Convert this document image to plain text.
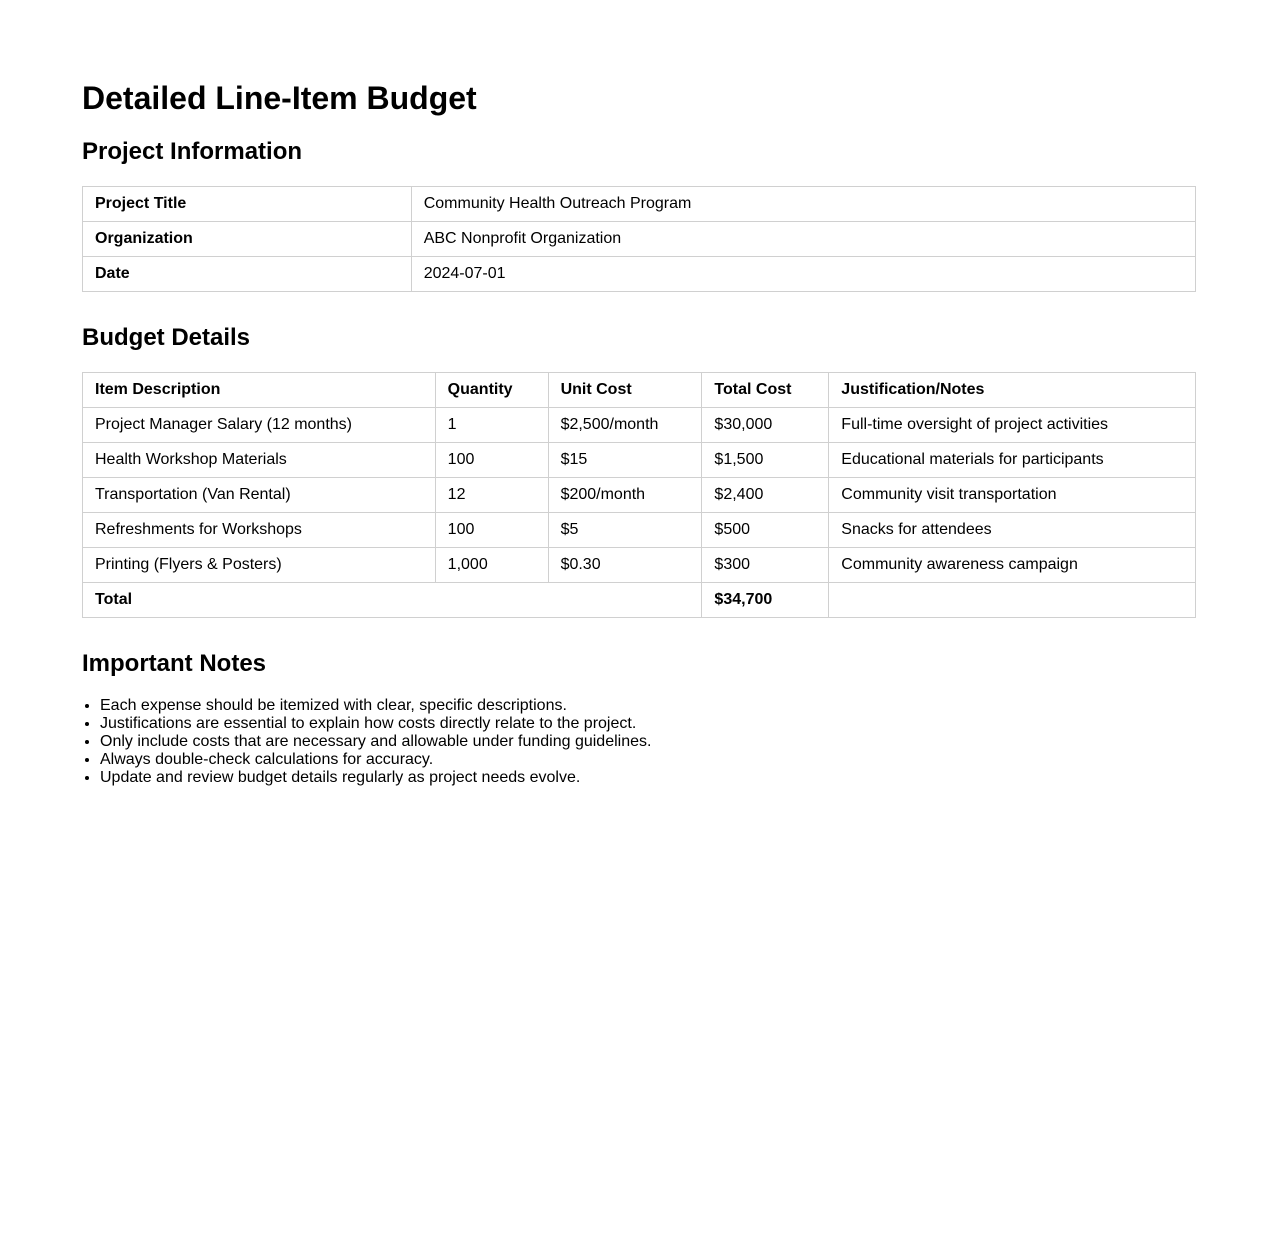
Detailed Line-Item Budget
Project Information
Project Title	Community Health Outreach Program
Organization	ABC Nonprofit Organization
Date	2024-07-01
Budget Details
Item Description	Quantity	Unit Cost	Total Cost	Justification/Notes
Project Manager Salary (12 months)	1	$2,500/month	$30,000	Full-time oversight of project activities
Health Workshop Materials	100	$15	$1,500	Educational materials for participants
Transportation (Van Rental)	12	$200/month	$2,400	Community visit transportation
Refreshments for Workshops	100	$5	$500	Snacks for attendees
Printing (Flyers & Posters)	1,000	$0.30	$300	Community awareness campaign
Total			$34,700	
Important Notes
• Each expense should be itemized with clear, specific descriptions.
• Justifications are essential to explain how costs directly relate to the project.
• Only include costs that are necessary and allowable under funding guidelines.
• Always double-check calculations for accuracy.
• Update and review budget details regularly as project needs evolve.
